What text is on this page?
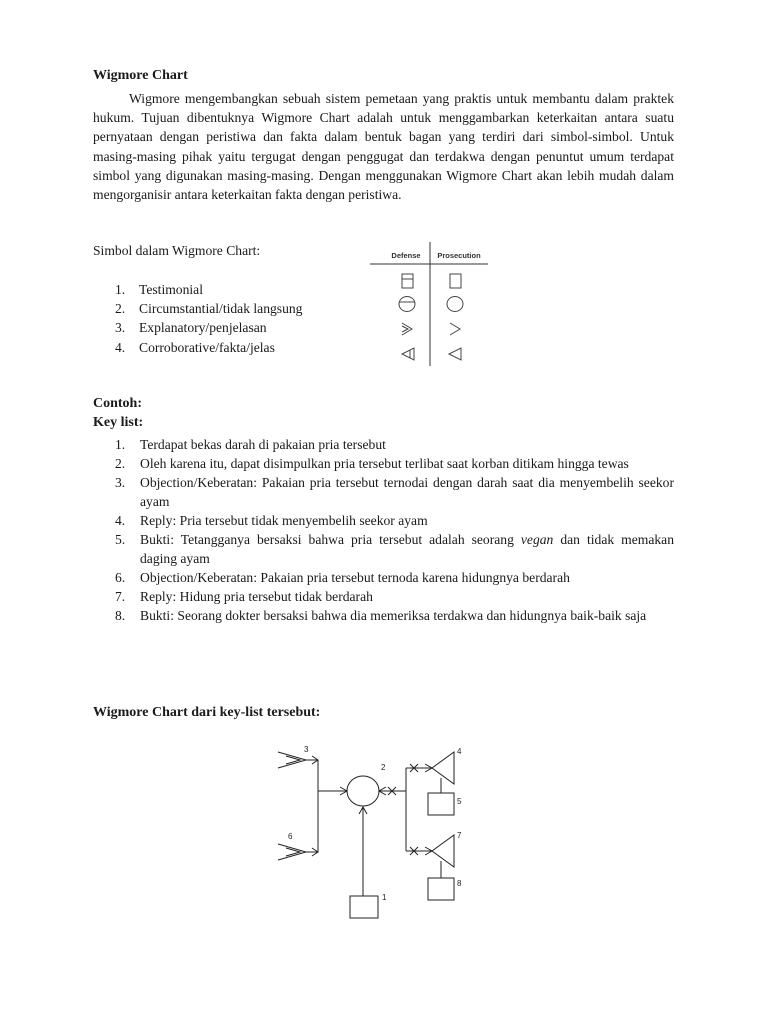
Wigmore Chart

Wigmore mengembangkan sebuah sistem pemetaan yang praktis untuk membantu dalam praktek hukum. Tujuan dibentuknya Wigmore Chart adalah untuk menggambarkan keterkaitan antara suatu pernyataan dengan peristiwa dan fakta dalam bentuk bagan yang terdiri dari simbol-simbol. Untuk masing-masing pihak yaitu tergugat dengan penggugat dan terdakwa dengan penuntut umum terdapat simbol yang digunakan masing-masing. Dengan menggunakan Wigmore Chart akan lebih mudah dalam mengorganisir antara keterkaitan fakta dengan peristiwa.

Simbol dalam Wigmore Chart:
1.	Testimonial
2.	Circumstantial/tidak langsung
3.	Explanatory/penjelasan
4.	Corroborative/fakta/jelas
Defense Prosecution
Contoh:
Key list:
1.	Terdapat bekas darah di pakaian pria tersebut
2.	Oleh karena itu, dapat disimpulkan pria tersebut terlibat saat korban ditikam hingga tewas
3.	Objection/Keberatan: Pakaian pria tersebut ternodai dengan darah saat dia menyembelih seekor ayam
4.	Reply: Pria tersebut tidak menyembelih seekor ayam
5.	Bukti: Tetangganya bersaksi bahwa pria tersebut adalah seorang vegan dan tidak memakan daging ayam
6.	Objection/Keberatan: Pakaian pria tersebut ternoda karena hidungnya berdarah
7.	Reply: Hidung pria tersebut tidak berdarah
8.	Bukti: Seorang dokter bersaksi bahwa dia memeriksa terdakwa dan hidungnya baik-baik saja
Wigmore Chart dari key-list tersebut:
3
2
4
5
6	7
8
1
